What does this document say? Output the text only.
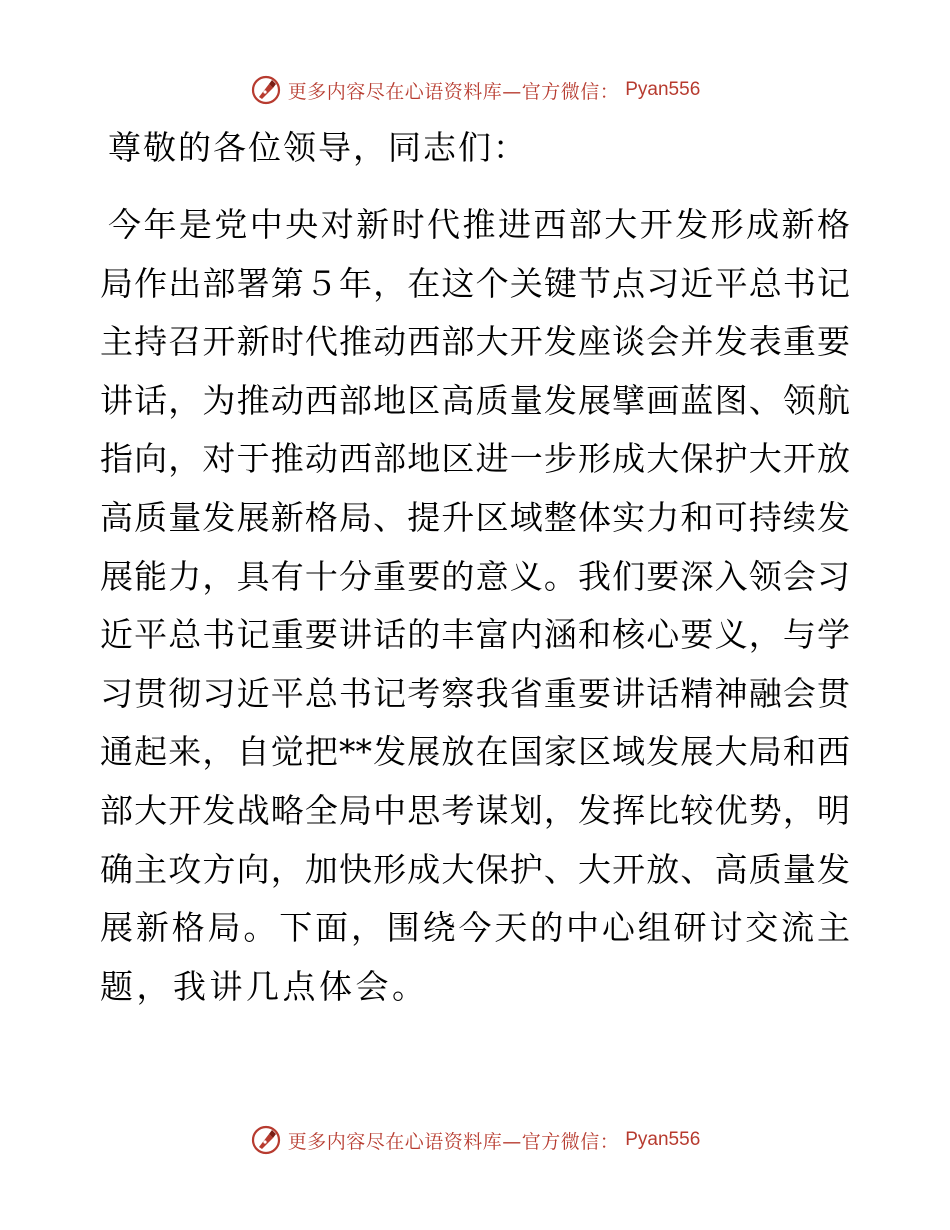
更多内容尽在心语资料库—官方微信： Pyan556
尊敬的各位领导，同志们：
今年是党中央对新时代推进西部大开发形成新格
局作出部署第５年，在这个关键节点习近平总书记
主持召开新时代推动西部大开发座谈会并发表重要
讲话，为推动西部地区高质量发展擘画蓝图、领航
指向，对于推动西部地区进一步形成大保护大开放
高质量发展新格局、提升区域整体实力和可持续发
展能力，具有十分重要的意义。我们要深入领会习
近平总书记重要讲话的丰富内涵和核心要义，与学
习贯彻习近平总书记考察我省重要讲话精神融会贯
通起来，自觉把**发展放在国家区域发展大局和西
部大开发战略全局中思考谋划，发挥比较优势，明
确主攻方向，加快形成大保护、大开放、高质量发
展新格局。下面，围绕今天的中心组研讨交流主
题，我讲几点体会。
更多内容尽在心语资料库—官方微信： Pyan556
